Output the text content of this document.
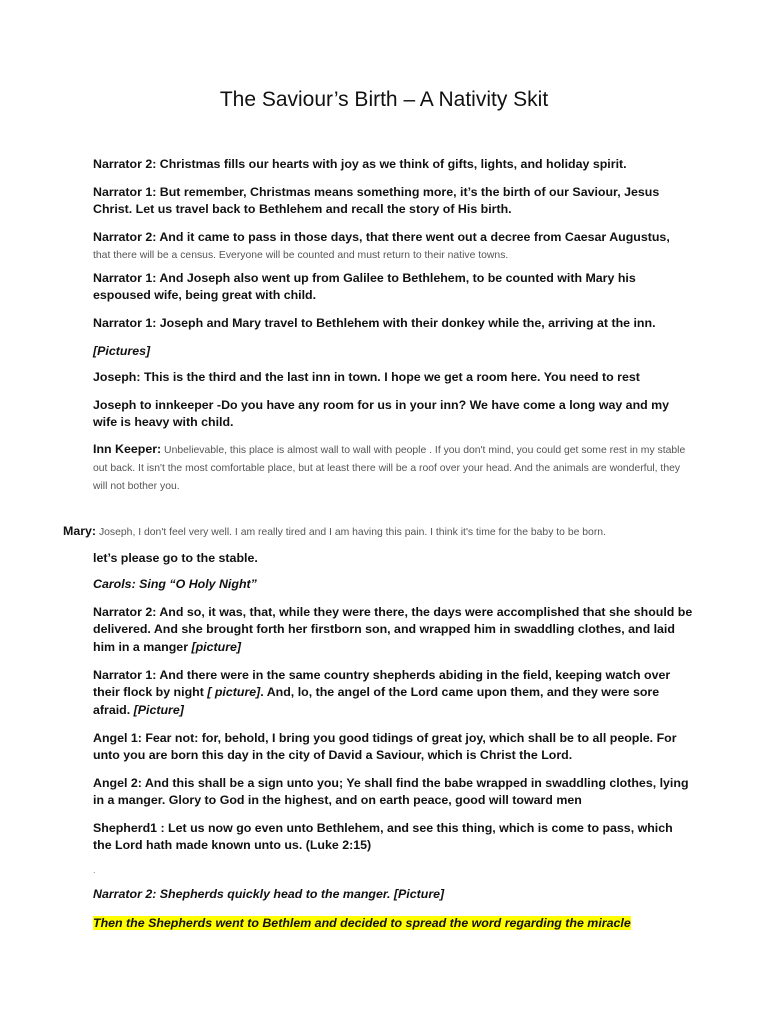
The Saviour’s Birth – A Nativity Skit

Narrator 2: Christmas fills our hearts with joy as we think of gifts, lights, and holiday spirit.

Narrator 1: But remember, Christmas means something more, it’s the birth of our Saviour, Jesus Christ. Let us travel back to Bethlehem and recall the story of His birth.

Narrator 2: And it came to pass in those days, that there went out a decree from Caesar Augustus,
that there will be a census. Everyone will be counted and must return to their native towns.

Narrator 1: And Joseph also went up from Galilee to Bethlehem, to be counted with Mary his espoused wife, being great with child.

Narrator 1: Joseph and Mary travel to Bethlehem with their donkey while the, arriving at the inn.

[Pictures]

Joseph: This is the third and the last inn in town. I hope we get a room here. You need to rest

Joseph to innkeeper -Do you have any room for us in your inn? We have come a long way and my wife is heavy with child.

Inn Keeper: Unbelievable, this place is almost wall to wall with people . If you don't mind, you could get some rest in my stable out back. It isn't the most comfortable place, but at least there will be a roof over your head. And the animals are wonderful, they will not bother you.

Mary: Joseph, I don't feel very well. I am really tired and I am having this pain. I think it's time for the baby to be born.

let’s please go to the stable.

Carols: Sing “O Holy Night”

Narrator 2: And so, it was, that, while they were there, the days were accomplished that she should be delivered. And she brought forth her firstborn son, and wrapped him in swaddling clothes, and laid him in a manger [picture]

Narrator 1: And there were in the same country shepherds abiding in the field, keeping watch over their flock by night [ picture]. And, lo, the angel of the Lord came upon them, and they were sore afraid. [Picture]

Angel 1: Fear not: for, behold, I bring you good tidings of great joy, which shall be to all people. For unto you are born this day in the city of David a Saviour, which is Christ the Lord.

Angel 2: And this shall be a sign unto you; Ye shall find the babe wrapped in swaddling clothes, lying in a manger. Glory to God in the highest, and on earth peace, good will toward men

Shepherd1 : Let us now go even unto Bethlehem, and see this thing, which is come to pass, which the Lord hath made known unto us. (Luke 2:15)

.

Narrator 2: Shepherds quickly head to the manger. [Picture]

Then the Shepherds went to Bethlem and decided to spread the word regarding the miracle
